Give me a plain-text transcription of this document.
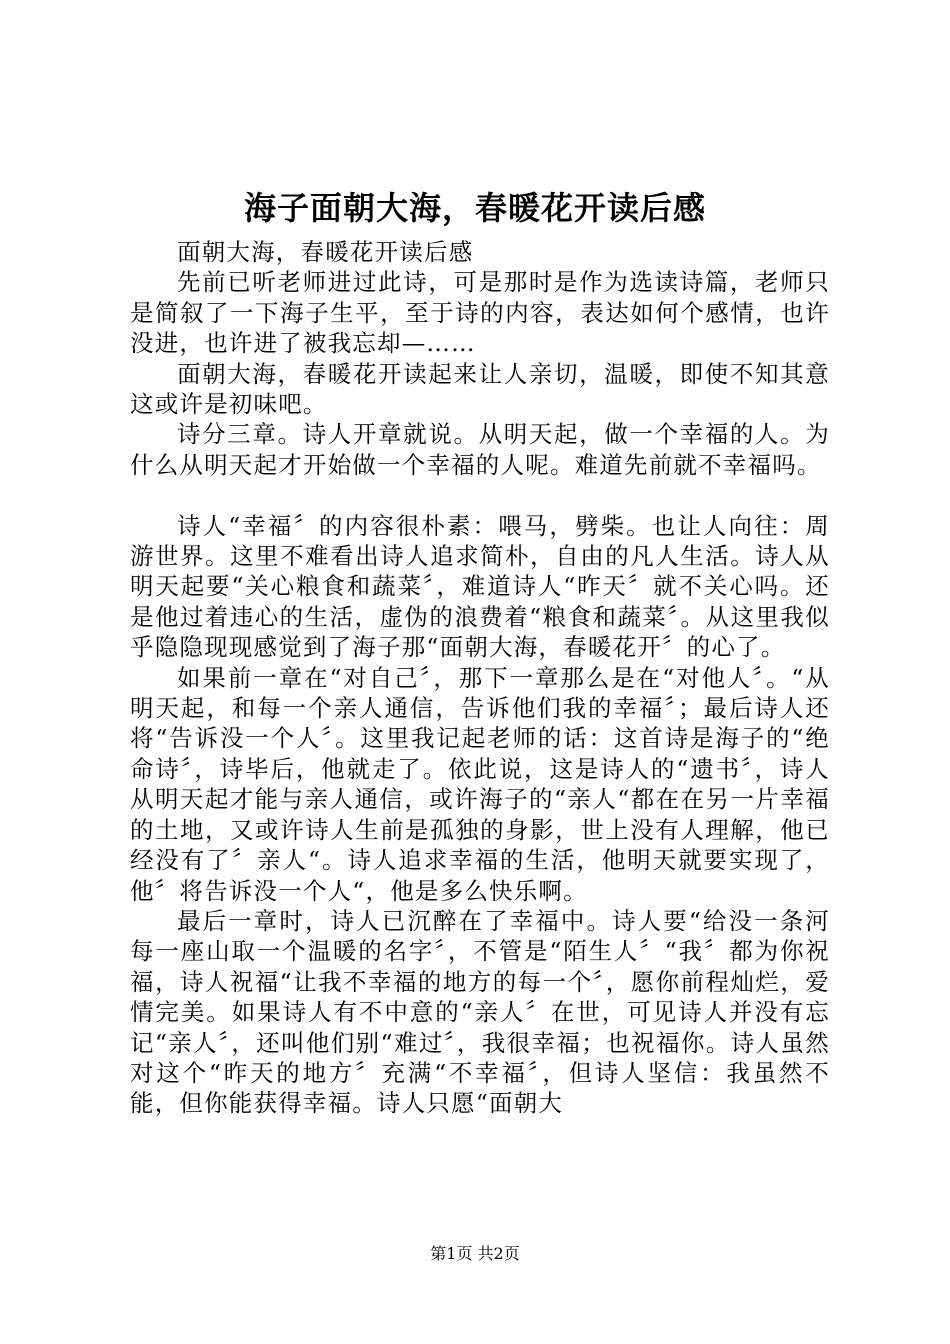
海子面朝大海，春暖花开读后感

面朝大海，春暖花开读后感

先前已听老师进过此诗，可是那时是作为选读诗篇，老师只是简叙了一下海子生平，至于诗的内容，表达如何个感情，也许没进，也许进了被我忘却—……

面朝大海，春暖花开读起来让人亲切，温暖，即使不知其意这或许是初味吧。

诗分三章。诗人开章就说。从明天起，做一个幸福的人。为什么从明天起才开始做一个幸福的人呢。难道先前就不幸福吗。

诗人“幸福〞的内容很朴素：喂马，劈柴。也让人向往：周游世界。这里不难看出诗人追求简朴，自由的凡人生活。诗人从明天起要“关心粮食和蔬菜〞，难道诗人“昨天〞就不关心吗。还是他过着违心的生活，虚伪的浪费着“粮食和蔬菜〞。从这里我似乎隐隐现现感觉到了海子那“面朝大海，春暖花开〞的心了。

如果前一章在“对自己〞，那下一章那么是在“对他人〞。“从明天起，和每一个亲人通信，告诉他们我的幸福〞；最后诗人还将“告诉没一个人〞。这里我记起老师的话：这首诗是海子的“绝命诗〞，诗毕后，他就走了。依此说，这是诗人的“遗书〞，诗人从明天起才能与亲人通信，或许海子的“亲人“都在在另一片幸福的土地，又或许诗人生前是孤独的身影，世上没有人理解，他已经没有了〞亲人“。诗人追求幸福的生活，他明天就要实现了，他〞将告诉没一个人“，他是多么快乐啊。

最后一章时，诗人已沉醉在了幸福中。诗人要“给没一条河每一座山取一个温暖的名字〞，不管是“陌生人〞“我〞都为你祝福，诗人祝福“让我不幸福的地方的每一个〞，愿你前程灿烂，爱情完美。如果诗人有不中意的“亲人〞在世，可见诗人并没有忘记“亲人〞，还叫他们别“难过〞，我很幸福；也祝福你。诗人虽然对这个“昨天的地方〞充满“不幸福〞，但诗人坚信：我虽然不能，但你能获得幸福。诗人只愿“面朝大

第1页 共2页
